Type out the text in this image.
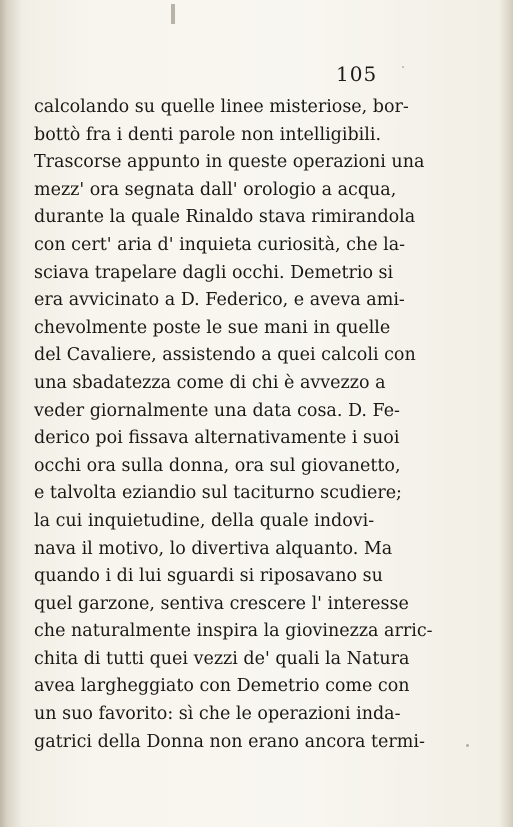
105
calcolando su quelle linee misteriose, bor-
bottò fra i denti parole non intelligibili.
Trascorse appunto in queste operazioni una
mezz' ora segnata dall' orologio a acqua,
durante la quale Rinaldo stava rimirandola
con cert' aria d' inquieta curiosità, che la-
sciava trapelare dagli occhi. Demetrio si
era avvicinato a D. Federico, e aveva ami-
chevolmente poste le sue mani in quelle
del Cavaliere, assistendo a quei calcoli con
una sbadatezza come di chi è avvezzo a
veder giornalmente una data cosa. D. Fe-
derico poi fissava alternativamente i suoi
occhi ora sulla donna, ora sul giovanetto,
e talvolta eziandio sul taciturno scudiere;
la cui inquietudine, della quale indovi-
nava il motivo, lo divertiva alquanto. Ma
quando i di lui sguardi si riposavano su
quel garzone, sentiva crescere l' interesse
che naturalmente inspira la giovinezza arric-
chita di tutti quei vezzi de' quali la Natura
avea largheggiato con Demetrio come con
un suo favorito: sì che le operazioni inda-
gatrici della Donna non erano ancora termi-
